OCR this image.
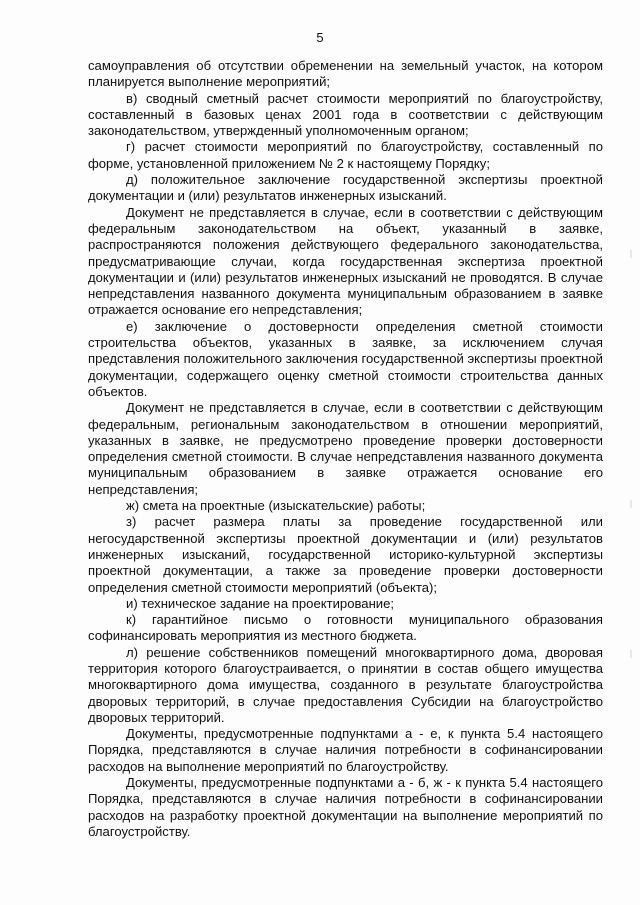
5

самоуправления об отсутствии обременении на земельный участок, на котором планируется выполнение мероприятий;

в) сводный сметный расчет стоимости мероприятий по благоустройству, составленный в базовых ценах 2001 года в соответствии с действующим законодательством, утвержденный уполномоченным органом;

г) расчет стоимости мероприятий по благоустройству, составленный по форме, установленной приложением № 2 к настоящему Порядку;

д) положительное заключение государственной экспертизы проектной документации и (или) результатов инженерных изысканий.

Документ не представляется в случае, если в соответствии с действующим федеральным законодательством на объект, указанный в заявке, распространяются положения действующего федерального законодательства, предусматривающие случаи, когда государственная экспертиза проектной документации и (или) результатов инженерных изысканий не проводятся. В случае непредставления названного документа муниципальным образованием в заявке отражается основание его непредставления;

е) заключение о достоверности определения сметной стоимости строительства объектов, указанных в заявке, за исключением случая представления положительного заключения государственной экспертизы проектной документации, содержащего оценку сметной стоимости строительства данных объектов.

Документ не представляется в случае, если в соответствии с действующим федеральным, региональным законодательством в отношении мероприятий, указанных в заявке, не предусмотрено проведение проверки достоверности определения сметной стоимости. В случае непредставления названного документа муниципальным образованием в заявке отражается основание его непредставления;

ж) смета на проектные (изыскательские) работы;

з) расчет размера платы за проведение государственной или негосударственной экспертизы проектной документации и (или) результатов инженерных изысканий, государственной историко-культурной экспертизы проектной документации, а также за проведение проверки достоверности определения сметной стоимости мероприятий (объекта);

и) техническое задание на проектирование;

к) гарантийное письмо о готовности муниципального образования софинансировать мероприятия из местного бюджета.

л) решение собственников помещений многоквартирного дома, дворовая территория которого благоустраивается, о принятии в состав общего имущества многоквартирного дома имущества, созданного в результате благоустройства дворовых территорий, в случае предоставления Субсидии на благоустройство дворовых территорий.

Документы, предусмотренные подпунктами а - е, к пункта 5.4 настоящего Порядка, представляются в случае наличия потребности в софинансировании расходов на выполнение мероприятий по благоустройству.

Документы, предусмотренные подпунктами а - б, ж - к пункта 5.4 настоящего Порядка, представляются в случае наличия потребности в софинансировании расходов на разработку проектной документации на выполнение мероприятий по благоустройству.
